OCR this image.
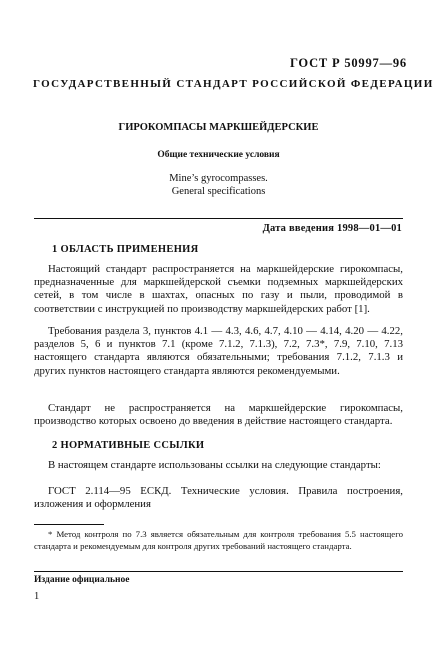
ГОСТ Р 50997—96
ГОСУДАРСТВЕННЫЙ СТАНДАРТ РОССИЙСКОЙ ФЕДЕРАЦИИ
ГИРОКОМПАСЫ МАРКШЕЙДЕРСКИЕ
Общие технические условия
Mine’s gyrocompasses.
General specifications
Дата введения 1998—01—01
1 ОБЛАСТЬ ПРИМЕНЕНИЯ
Настоящий стандарт распространяется на маркшейдерские гирокомпасы, предназначенные для маркшейдерской съемки подземных маркшейдерских сетей, в том числе в шахтах, опасных по газу и пыли, проводимой в соответствии с инструкцией по производству маркшейдерских работ [1].
Требования раздела 3, пунктов 4.1 — 4.3, 4.6, 4.7, 4.10 — 4.14, 4.20 — 4.22, разделов 5, 6 и пунктов 7.1 (кроме 7.1.2, 7.1.3), 7.2, 7.3*, 7.9, 7.10, 7.13 настоящего стандарта являются обязательными; требования 7.1.2, 7.1.3 и других пунктов настоящего стандарта являются рекомендуемыми.
Стандарт не распространяется на маркшейдерские гирокомпасы, производство которых освоено до введения в действие настоящего стандарта.
2 НОРМАТИВНЫЕ ССЫЛКИ
В настоящем стандарте использованы ссылки на следующие стандарты:
ГОСТ 2.114—95 ЕСКД. Технические условия. Правила построения, изложения и оформления
* Метод контроля по 7.3 является обязательным для контроля требования 5.5 настоящего стандарта и рекомендуемым для контроля других требований настоящего стандарта.
Издание официальное
1
